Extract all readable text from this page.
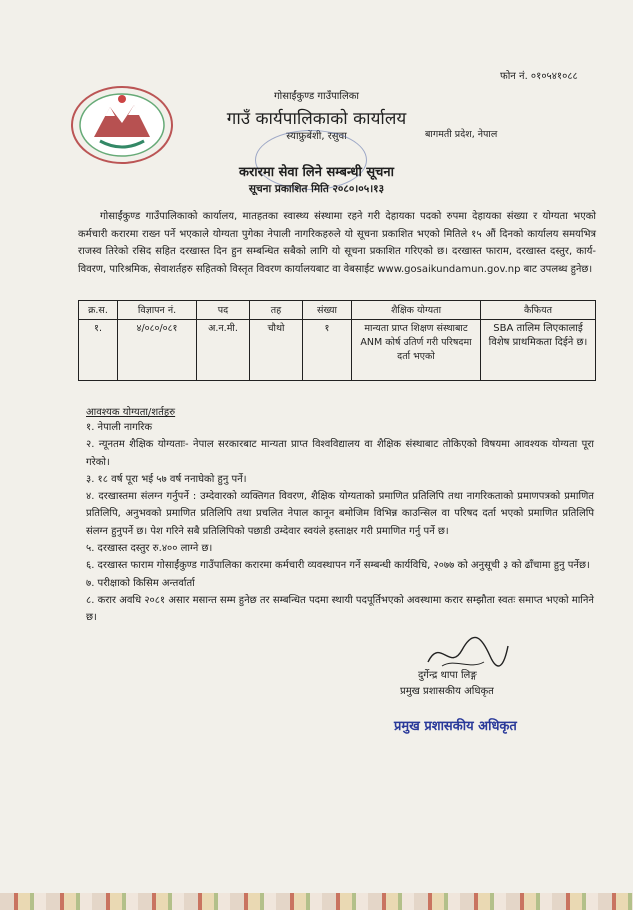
फोन नं. ०१०५४१०८८
गोसाईंकुण्ड गाउँपालिका
गाउँ कार्यपालिकाको कार्यालय
स्याफ्रुबेंशी, रसुवा	बागमती प्रदेश, नेपाल
करारमा सेवा लिने सम्बन्धी सूचना
सूचना प्रकाशित मिति २०८०।०५।१३
गोसाईंकुण्ड गाउँपालिकाको कार्यालय, मातहतका स्वास्थ्य संस्थामा रहने गरी देहायका पदको रुपमा देहायका संख्या र योग्यता भएको कर्मचारी करारमा राख्न पर्ने भएकाले योग्यता पुगेका नेपाली नागरिकहरुले यो सूचना प्रकाशित भएको मितिले १५ औं दिनको कार्यालय समयभित्र राजस्व तिरेको रसिद सहित दरखास्त दिन हुन सम्बन्धित सबैको लागि यो सूचना प्रकाशित गरिएको छ। दरखास्त फाराम, दरखास्त दस्तुर, कार्य-विवरण, पारिश्रमिक, सेवाशर्तहरु सहितको विस्तृत विवरण कार्यालयबाट वा वेबसाईट www.gosaikundamun.gov.np बाट उपलब्ध हुनेछ।
क्र.स.	विज्ञापन नं.	पद	तह	संख्या	शैक्षिक योग्यता	कैफियत
१.	४/०८०/०८१	अ.न.मी.	चौथो	१	मान्यता प्राप्त शिक्षण संस्थाबाट ANM कोर्ष उतिर्ण गरी परिषदमा दर्ता भएको	SBA तालिम लिएकालाई विशेष प्राथमिकता दिईने छ।
आवश्यक योग्यता/शर्तहरु

१. नेपाली नागरिक

२. न्यूनतम शैक्षिक योग्यताः- नेपाल सरकारबाट मान्यता प्राप्त विश्वविद्यालय वा शैक्षिक संस्थाबाट तोकिएको विषयमा आवश्यक योग्यता पूरा गरेको।

३. १८ वर्ष पूरा भई ५७ वर्ष ननाघेको हुनु पर्ने।

४. दरखास्तमा संलग्न गर्नुपर्ने : उम्देवारको व्यक्तिगत विवरण, शैक्षिक योग्यताको प्रमाणित प्रतिलिपि तथा नागरिकताको प्रमाणपत्रको प्रमाणित प्रतिलिपि, अनुभवको प्रमाणित प्रतिलिपि तथा प्रचलित नेपाल कानून बमोजिम विभिन्न काउन्सिल वा परिषद दर्ता भएको प्रमाणित प्रतिलिपि संलग्न हुनुपर्ने छ। पेश गरिने सबै प्रतिलिपिको पछाडी उम्देवार स्वयंले हस्ताक्षर गरी प्रमाणित गर्नु पर्ने छ।

५. दरखास्त दस्तुर रु.४०० लाग्ने छ।

६. दरखास्त फाराम गोसाईंकुण्ड गाउँपालिका करारमा कर्मचारी व्यवस्थापन गर्ने सम्बन्धी कार्यविधि, २०७७ को अनुसूची ३ को ढाँचामा हुनु पर्नेछ।

७. परीक्षाको किसिम अन्तर्वार्ता

८. करार अवधि २०८१ असार मसान्त सम्म हुनेछ तर सम्बन्धित पदमा स्थायी पदपूर्तिभएको अवस्थामा करार सम्झौता स्वतः समाप्त भएको मानिने छ।

दुर्गेन्द्र थापा लिङ्ग
प्रमुख प्रशासकीय अधिकृत
प्रमुख प्रशासकीय अधिकृत
